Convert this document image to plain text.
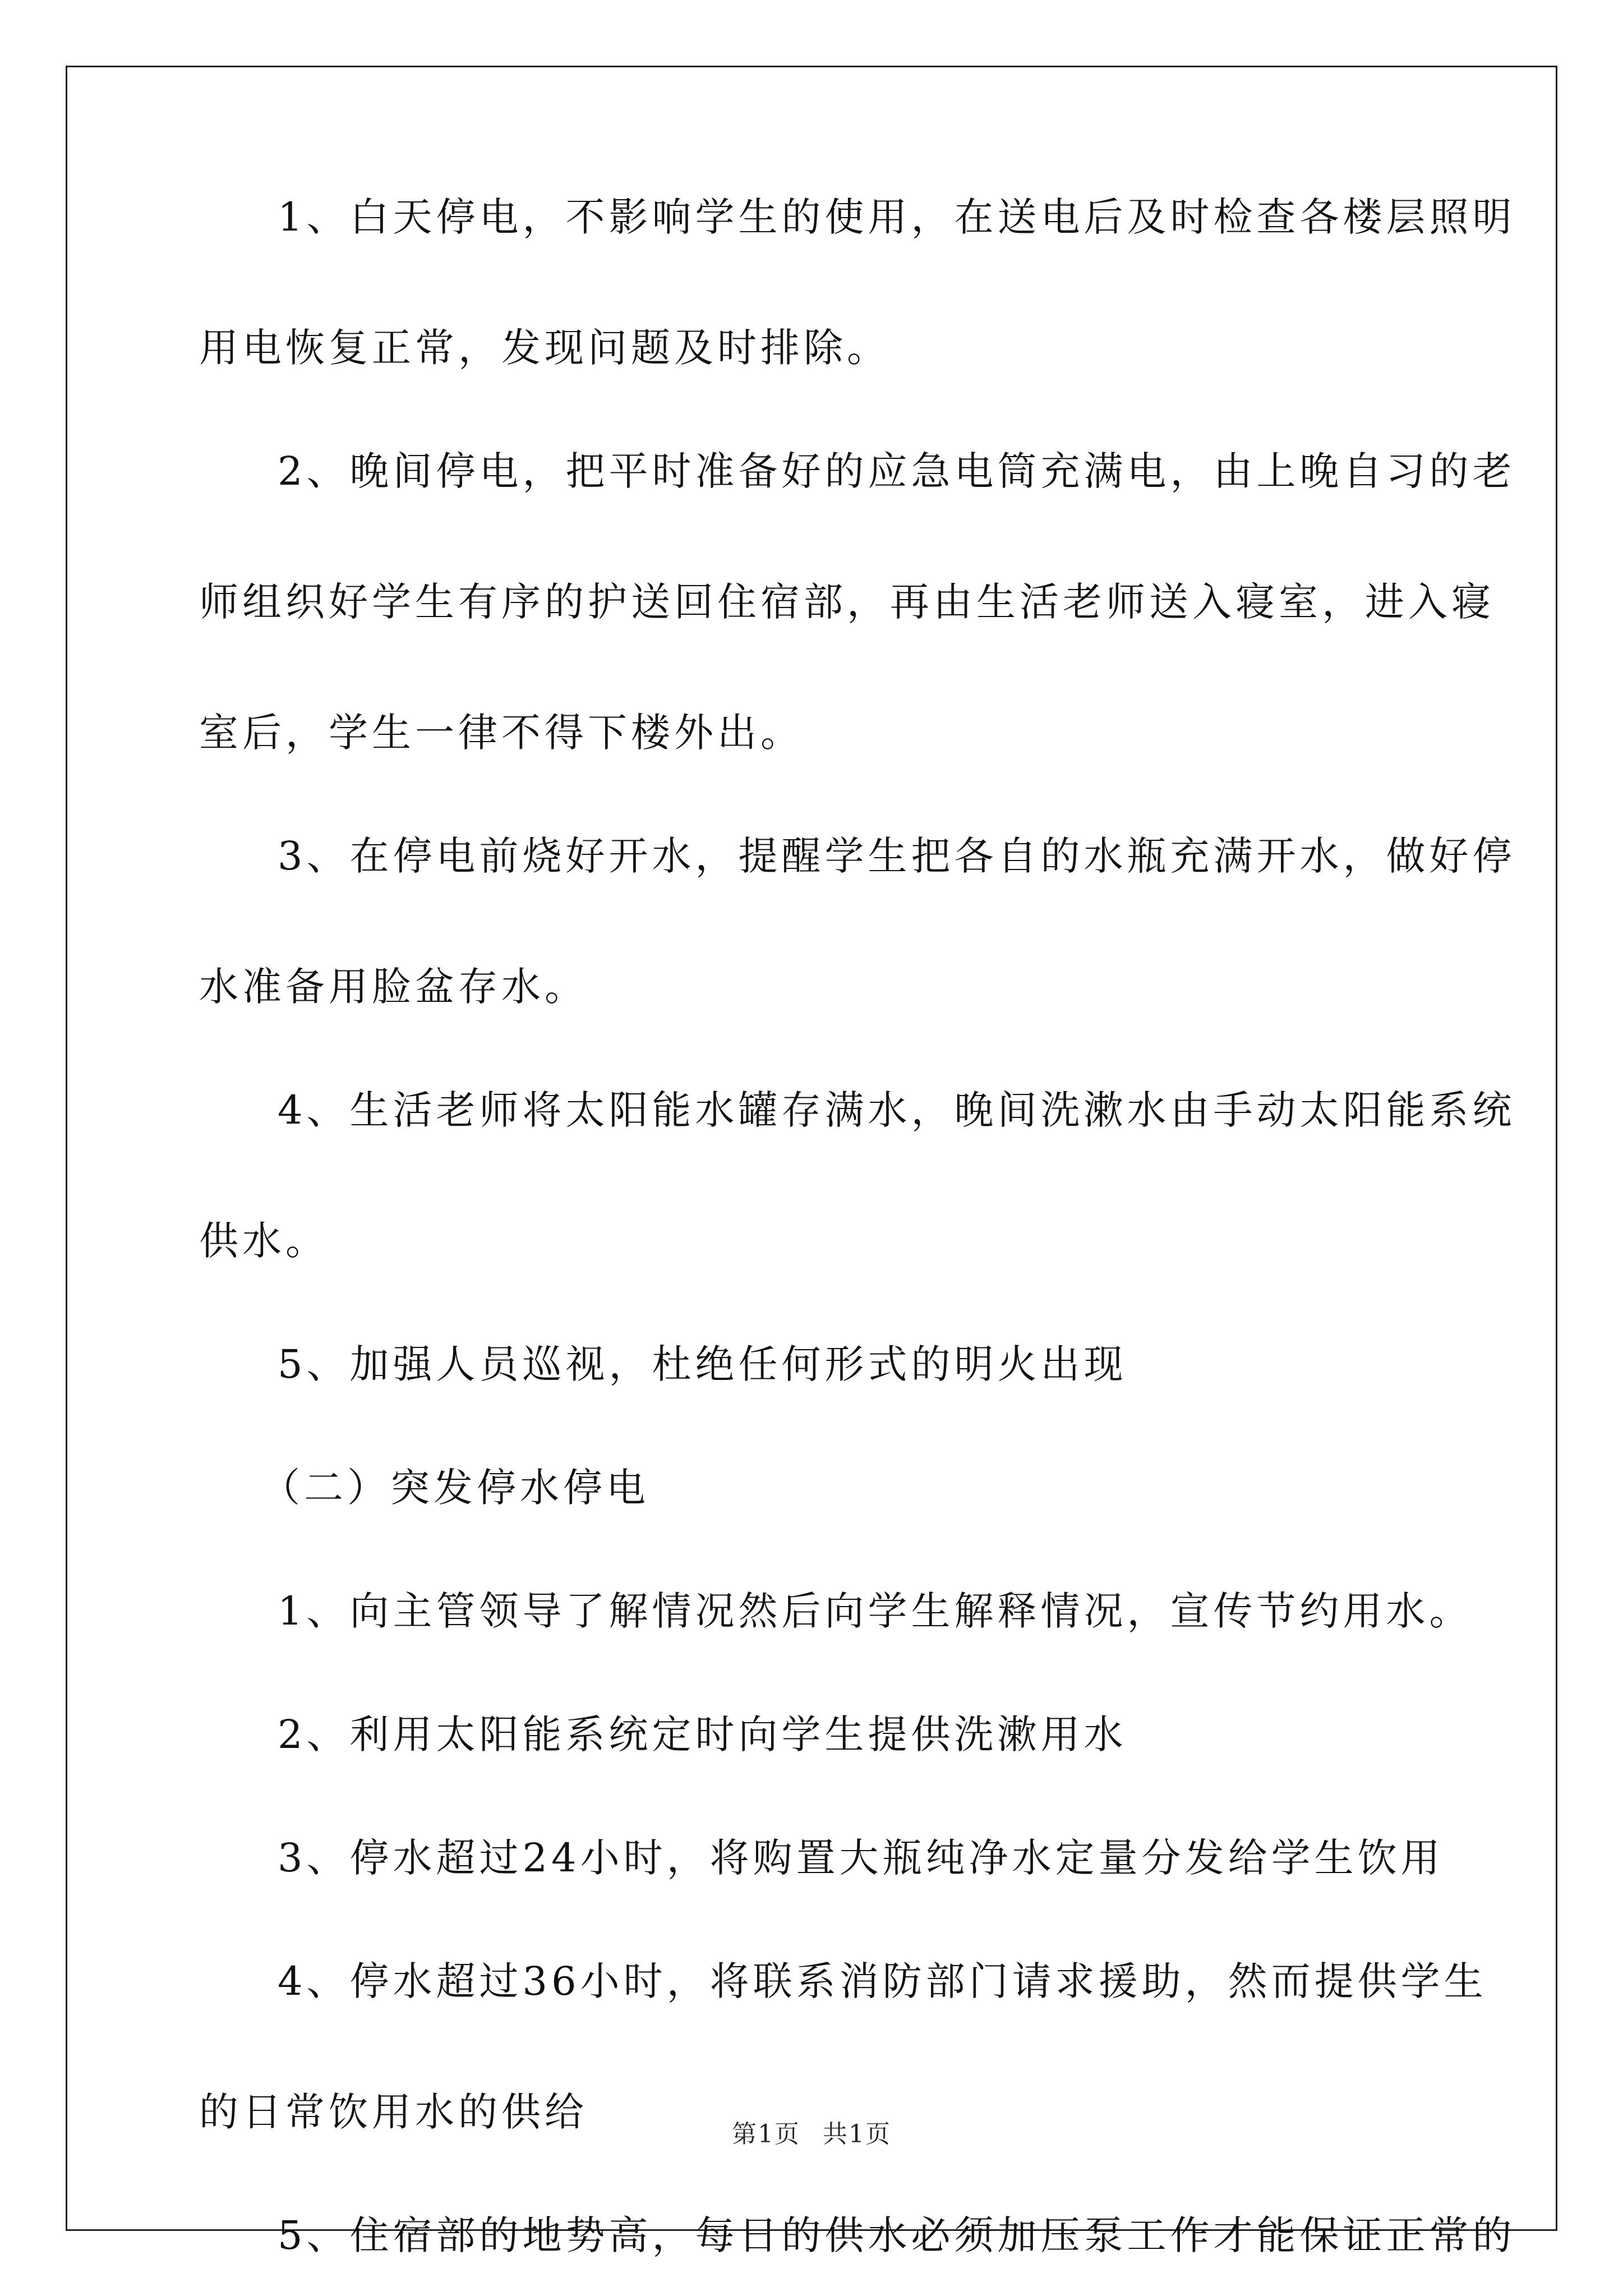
1、白天停电，不影响学生的使用，在送电后及时检查各楼层照明
用电恢复正常，发现问题及时排除。
2、晚间停电，把平时准备好的应急电筒充满电，由上晚自习的老
师组织好学生有序的护送回住宿部，再由生活老师送入寝室，进入寝
室后，学生一律不得下楼外出。
3、在停电前烧好开水，提醒学生把各自的水瓶充满开水，做好停
水准备用脸盆存水。
4、生活老师将太阳能水罐存满水，晚间洗漱水由手动太阳能系统
供水。
5、加强人员巡视，杜绝任何形式的明火出现
（二）突发停水停电
1、向主管领导了解情况然后向学生解释情况，宣传节约用水。
2、利用太阳能系统定时向学生提供洗漱用水
3、停水超过24小时，将购置大瓶纯净水定量分发给学生饮用
4、停水超过36小时，将联系消防部门请求援助，然而提供学生
的日常饮用水的供给
5、住宿部的地势高，每日的供水必须加压泵工作才能保证正常的
第1页 共1页
